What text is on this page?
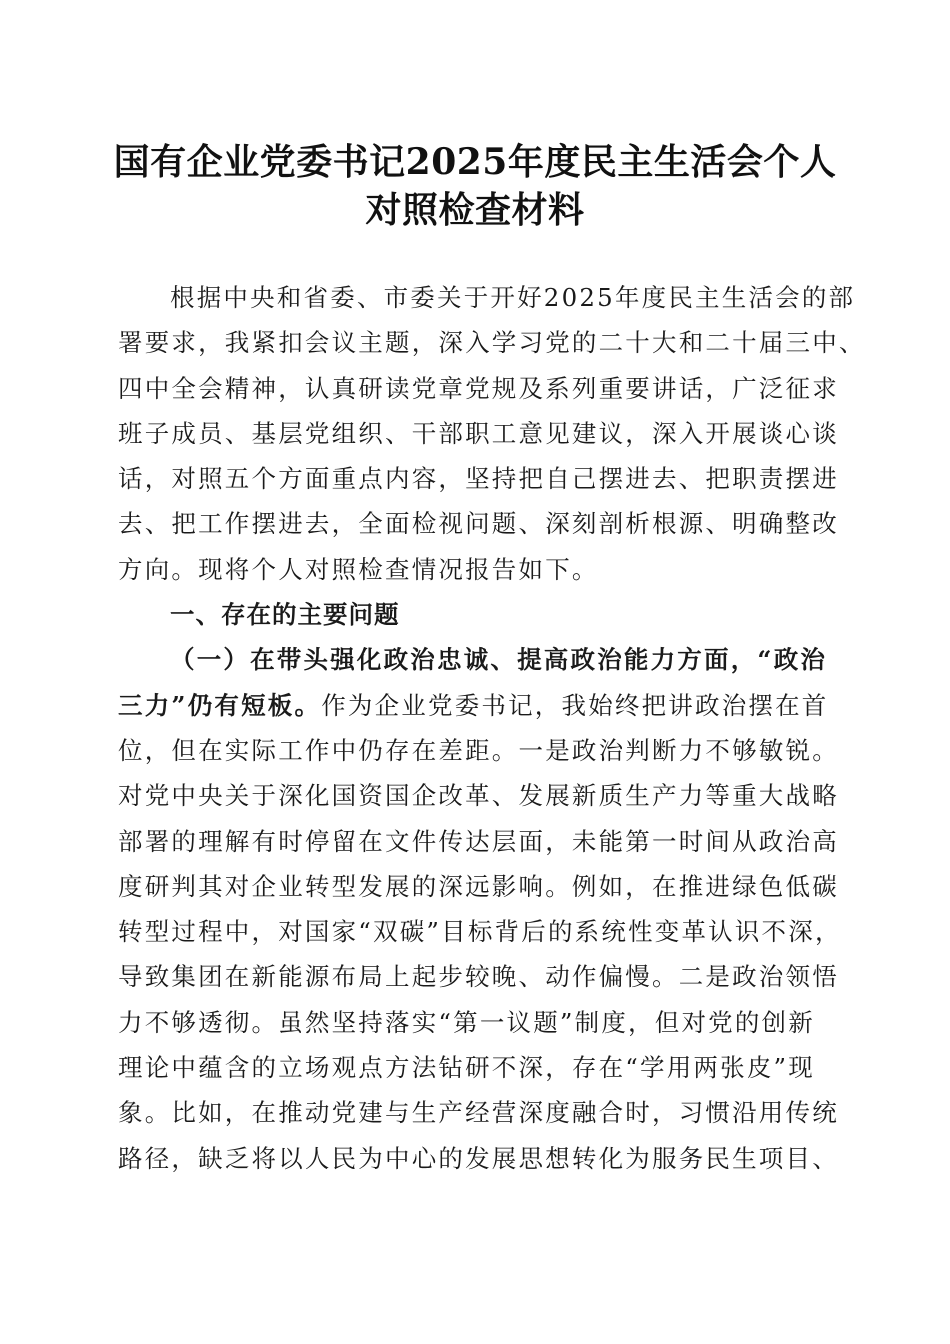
国有企业党委书记2025年度民主生活会个人
对照检查材料
根据中央和省委、市委关于开好2025年度民主生活会的部
署要求，我紧扣会议主题，深入学习党的二十大和二十届三中、
四中全会精神，认真研读党章党规及系列重要讲话，广泛征求
班子成员、基层党组织、干部职工意见建议，深入开展谈心谈
话，对照五个方面重点内容，坚持把自己摆进去、把职责摆进
去、把工作摆进去，全面检视问题、深刻剖析根源、明确整改
方向。现将个人对照检查情况报告如下。
一、存在的主要问题
（一）在带头强化政治忠诚、提高政治能力方面，“政治
三力”仍有短板。作为企业党委书记，我始终把讲政治摆在首
位，但在实际工作中仍存在差距。一是政治判断力不够敏锐。
对党中央关于深化国资国企改革、发展新质生产力等重大战略
部署的理解有时停留在文件传达层面，未能第一时间从政治高
度研判其对企业转型发展的深远影响。例如，在推进绿色低碳
转型过程中，对国家“双碳”目标背后的系统性变革认识不深，
导致集团在新能源布局上起步较晚、动作偏慢。二是政治领悟
力不够透彻。虽然坚持落实“第一议题”制度，但对党的创新
理论中蕴含的立场观点方法钻研不深，存在“学用两张皮”现
象。比如，在推动党建与生产经营深度融合时，习惯沿用传统
路径，缺乏将以人民为中心的发展思想转化为服务民生项目、
